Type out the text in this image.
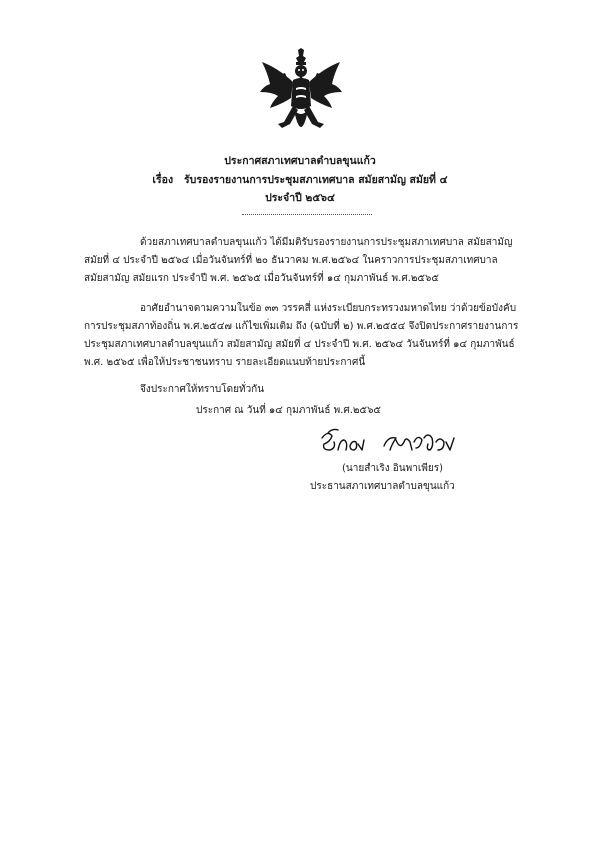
ประกาศสภาเทศบาลตำบลขุนแก้ว
เรื่อง รับรองรายงานการประชุมสภาเทศบาล สมัยสามัญ สมัยที่ ๔
ประจำปี ๒๕๖๔
ด้วยสภาเทศบาลตำบลขุนแก้ว ได้มีมติรับรองรายงานการประชุมสภาเทศบาล สมัยสามัญ
สมัยที่ ๔ ประจำปี ๒๕๖๔ เมื่อวันจันทร์ที่ ๒๐ ธันวาคม พ.ศ.๒๕๖๔ ในคราวการประชุมสภาเทศบาล
สมัยสามัญ สมัยแรก ประจำปี พ.ศ. ๒๕๖๕ เมื่อวันจันทร์ที่ ๑๔ กุมภาพันธ์ พ.ศ.๒๕๖๕
อาศัยอำนาจตามความในข้อ ๓๓ วรรคสี่ แห่งระเบียบกระทรวงมหาดไทย ว่าด้วยข้อบังคับ
การประชุมสภาท้องถิ่น พ.ศ.๒๕๔๗ แก้ไขเพิ่มเติม ถึง (ฉบับที่ ๒) พ.ศ.๒๕๕๔ จึงปิดประกาศรายงานการ
ประชุมสภาเทศบาลตำบลขุนแก้ว สมัยสามัญ สมัยที่ ๔ ประจำปี พ.ศ. ๒๕๖๔ วันจันทร์ที่ ๑๔ กุมภาพันธ์
พ.ศ. ๒๕๖๕ เพื่อให้ประชาชนทราบ รายละเอียดแนบท้ายประกาศนี้
จึงประกาศให้ทราบโดยทั่วกัน
ประกาศ ณ วันที่ ๑๔ กุมภาพันธ์ พ.ศ.๒๕๖๕
(นายสำเริง อินพาเพียร)
ประธานสภาเทศบาลตำบลขุนแก้ว
